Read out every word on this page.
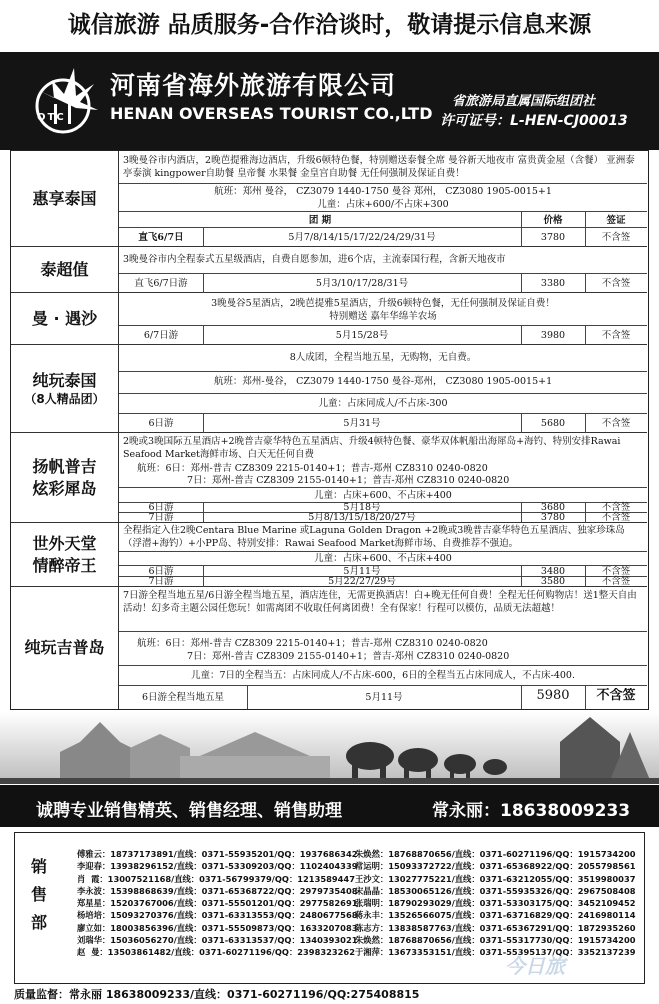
诚信旅游 品质服务-合作洽谈时，敬请提示信息来源
OTC
河南省海外旅游有限公司
HENAN OVERSEAS TOURIST CO.,LTD
省旅游局直属国际组团社
许可证号：L-HEN-CJ00013
惠享泰国
3晚曼谷市内酒店，2晚芭提雅海边酒店，升级6顿特色餐，特别赠送泰餐全席 曼谷新天地夜市 富贵黄金屋（含餐） 亚洲泰亭泰演 kingpower自助餐 皇帝餐 水果餐 金皇宫自助餐 无任何强制及保证自费！
航班：郑州 曼谷， CZ3079 1440-1750 曼谷 郑州， CZ3080 1905-0015+1
儿童：占床+600/不占床+300
团 期	价格	签证
直飞6/7日	5月7/8/14/15/17/22/24/29/31号	3780	不含签
泰超值
3晚曼谷市内全程泰式五星级酒店，自费自愿参加，进6个店，主流泰国行程，含新天地夜市
直飞6/7日游	5月3/10/17/28/31号	3380	不含签
曼 · 遇沙
3晚曼谷5星酒店，2晚芭提雅5星酒店，升级6顿特色餐，无任何强制及保证自费！
特别赠送 嘉年华绵羊农场
6/7日游	5月15/28号	3980	不含签
纯玩泰国
（8人精品团）
8人成团，全程当地五星，无购物，无自费。
航班：郑州-曼谷， CZ3079 1440-1750 曼谷-郑州， CZ3080 1905-0015+1
儿童：占床同成人/不占床-300
6日游	5月31号	5680	不含签
扬帆普吉
炫彩犀岛
2晚或3晚国际五星酒店+2晚普吉豪华特色五星酒店、升级4顿特色餐、豪华双体帆船出海犀岛+海钓、特别安排Rawai Seafood Market海鲜市场、白天无任何自费
航班：6日：郑州-普吉 CZ8309 2215-0140+1；普吉-郑州 CZ8310 0240-0820
7日：郑州-普吉 CZ8309 2155-0140+1；普吉-郑州 CZ8310 0240-0820
儿童：占床+600、不占床+400
6日游	5月18号	3680	不含签
7日游	5月8/13/15/18/20/27号	3780	不含签
世外天堂
情醉帝王
全程指定入住2晚Centara Blue Marine 或Laguna Golden Dragon +2晚或3晚普吉豪华特色五星酒店、独家珍珠岛（浮潜+海钓）+小PP岛、特别安排：Rawai Seafood Market海鲜市场、自费推荐不强迫。
儿童：占床+600、不占床+400
6日游	5月11号	3480	不含签
7日游	5月22/27/29号	3580	不含签
纯玩吉普岛
7日游全程当地五星/6日游全程当地五星，酒店连住，无需更换酒店！白+晚无任何自费！全程无任何购物店！送1整天自由活动！幻多奇主题公园任您玩！如需离团不收取任何离团费！全有保家！行程可以模仿，品质无法超越！
航班：6日：郑州-普吉 CZ8309 2215-0140+1；普吉-郑州 CZ8310 0240-0820
7日：郑州-普吉 CZ8309 2155-0140+1；普吉-郑州 CZ8310 0240-0820
儿童：7日的全程当五：占床同成人/不占床-600，6日的全程当五占床同成人，不占床-400.
6日游全程当地五星	5月11号	5980	不含签
诚聘专业销售精英、销售经理、销售助理	常永丽：18638009233
销售部
傅雅云：18737173891/直线：0371-55935201/QQ：1937686342
李迎春：13938296152/直线：0371-53309203/QQ：1102404339
肖  霞：13007521168/直线：0371-56799379/QQ：1213589447
李永波：15398868639/直线：0371-65368722/QQ：2979735408
郑星星：15203767006/直线：0371-55501201/QQ：2977582691
杨培培：15093270376/直线：0371-63313553/QQ：2480677568
廖立如：18003856396/直线：0371-55509873/QQ：1633207083
刘瑞华：15036056270/直线：0371-63313537/QQ：1340393021
赵  曼：13503861482/直线：0371-60271196/QQ：2398323262
朱焕然：18768870656/直线：0371-60271196/QQ：1915734200
常运明：15093372722/直线：0371-65368922/QQ：2055798561
王沙文：13027775221/直线：0371-63212055/QQ：3519980037
宋晶晶：18530065126/直线：0371-55935326/QQ：2967508408
张瑞明：18790293029/直线：0371-53303175/QQ：3452109452
蒋永丰：13526566075/直线：0371-63716829/QQ：2416980114
陈志方：13838587763/直线：0371-65367291/QQ：1872935260
朱焕然：18768870656/直线：0371-55317730/QQ：1915734200
于湘萍：13673353151/直线：0371-55395137/QQ：3352137239
今日旅
质量监督：常永丽 18638009233/直线：0371-60271196/QQ:275408815
